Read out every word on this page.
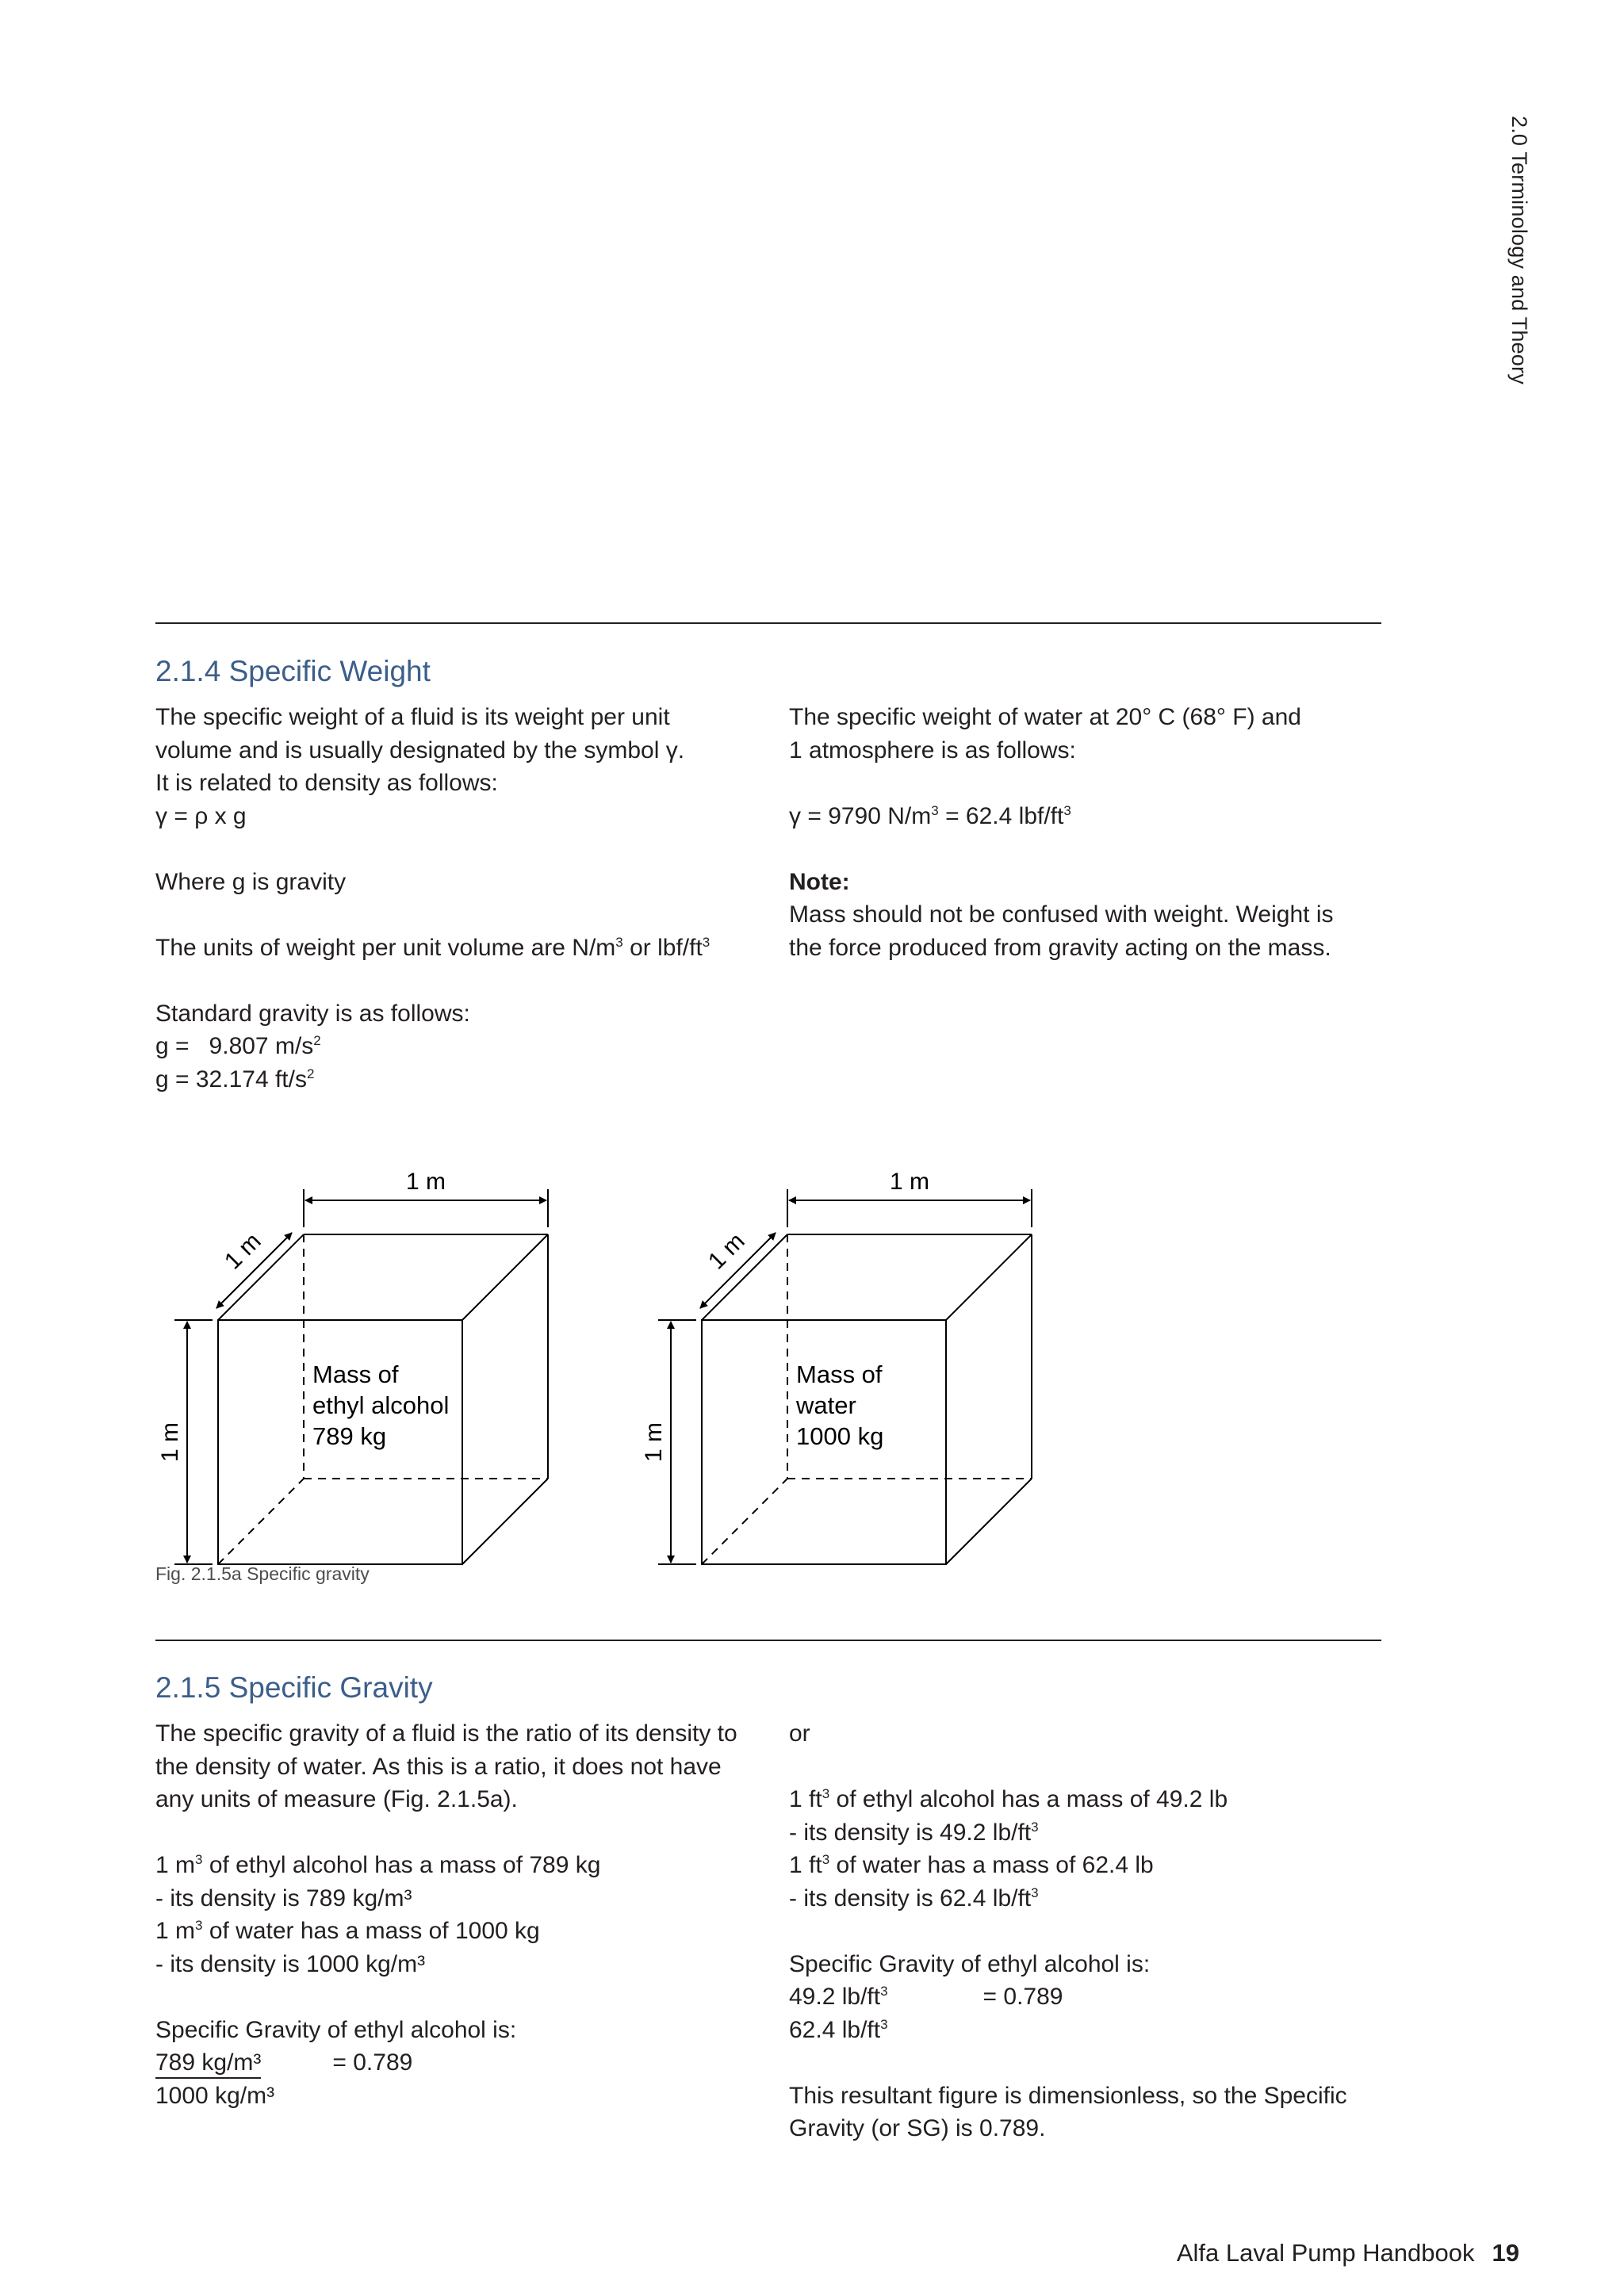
2.0 Terminology and Theory
2.1.4 Specific Weight
The specific weight of a fluid is its weight per unit
volume and is usually designated by the symbol γ.
It is related to density as follows:
γ = ρ x g
Where g is gravity
The units of weight per unit volume are $N/m^3$ or lbf/$ft^3$
Standard gravity is as follows:
g =   9.807 $m/s^2$
g = 32.174 $ft/s^2$
The specific weight of water at 20° C (68° F) and
1 atmosphere is as follows:
γ = 9790 $N/m^3 = 62.4$ lbf/$ft^3$
Note:
Mass should not be confused with weight. Weight is
the force produced from gravity acting on the mass.
1 m
1 m
1 m
Mass of
ethyl alcohol
789 kg
1 m
1 m
1 m
Mass of
water
1000 kg
Fig. 2.1.5a Specific gravity
2.1.5 Specific Gravity
The specific gravity of a fluid is the ratio of its density to
the density of water. As this is a ratio, it does not have
any units of measure (Fig. 2.1.5a).
1 $m^3$ of ethyl alcohol has a mass of 789 kg
- its density is 789 kg/m³
1 $m^3$ of water has a mass of 1000 kg
- its density is 1000 kg/m³
Specific Gravity of ethyl alcohol is:
789 kg/m³	= 0.789
1000 kg/m³
or
1 $ft^3$ of ethyl alcohol has a mass of 49.2 lb
- its density is 49.2 $lb/ft^3$
1 $ft^3$ of water has a mass of 62.4 lb
- its density is 62.4 $lb/ft^3$
Specific Gravity of ethyl alcohol is:
49.2 $lb/ft^3$	= 0.789
62.4 $lb/ft^3$
This resultant figure is dimensionless, so the Specific
Gravity (or SG) is 0.789.
Alfa Laval Pump Handbook 19
